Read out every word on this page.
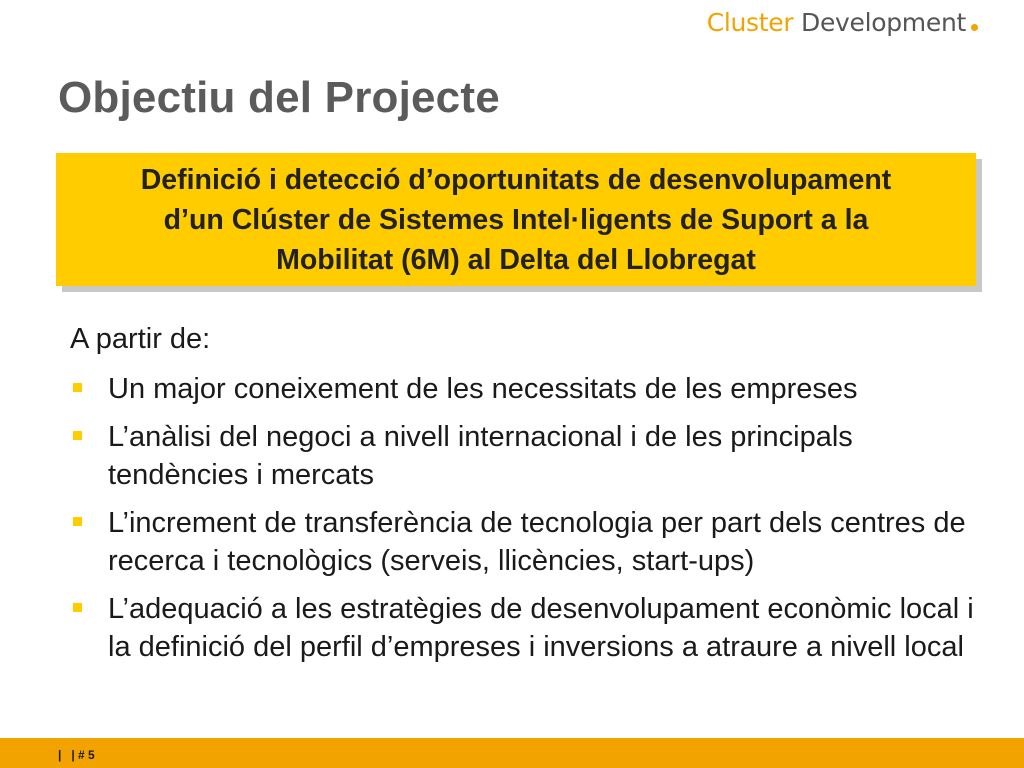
Cluster Development
Objectiu del Projecte
Definició i detecció d’oportunitats de desenvolupament
d’un Clúster de Sistemes Intel·ligents de Suport a la
Mobilitat (6M) al Delta del Llobregat
A partir de:
Un major coneixement de les necessitats de les empreses
L’anàlisi del negoci a nivell internacional i de les principals tendències i mercats
L’increment de transferència de tecnologia per part dels centres de recerca i tecnològics (serveis, llicències, start-ups)
L’adequació a les estratègies de desenvolupament econòmic local i la definició del perfil d’empreses i inversions a atraure a nivell local
|   | # 5
